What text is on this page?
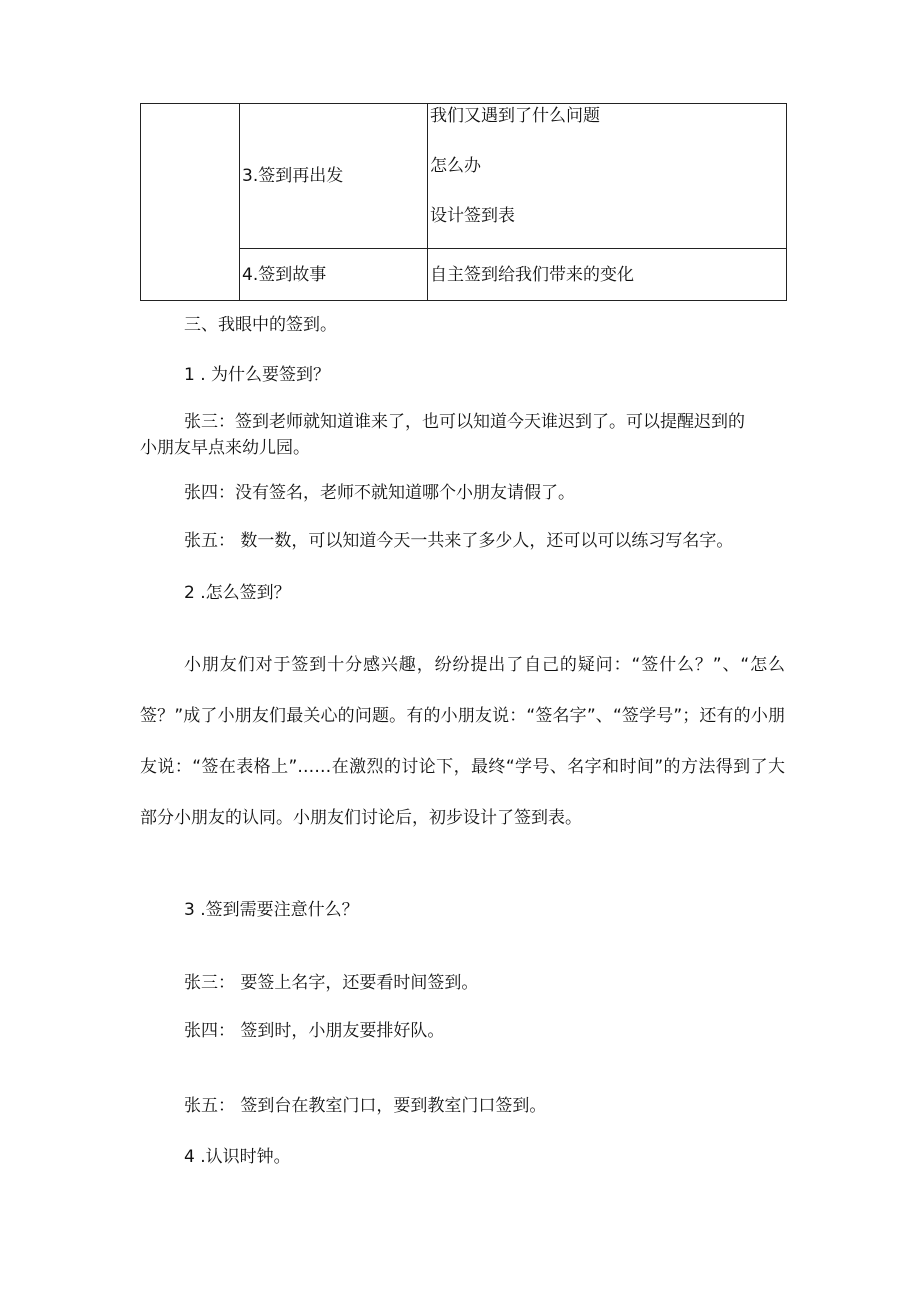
	3.签到再出发	我们又遇到了什么问题
怎么办
设计签到表

	4.签到故事	自主签到给我们带来的变化
三、我眼中的签到。
1 . 为什么要签到？
张三：签到老师就知道谁来了，也可以知道今天谁迟到了。可以提醒迟到的
小朋友早点来幼儿园。
张四：没有签名，老师不就知道哪个小朋友请假了。
张五： 数一数，可以知道今天一共来了多少人，还可以可以练习写名字。
2 .怎么签到？
小朋友们对于签到十分感兴趣，纷纷提出了自己的疑问：“签什么？”、“怎么签？”成了小朋友们最关心的问题。有的小朋友说：“签名字”、“签学号”；还有的小朋友说：“签在表格上”……在激烈的讨论下，最终“学号、名字和时间”的方法得到了大部分小朋友的认同。小朋友们讨论后，初步设计了签到表。
3 .签到需要注意什么？
张三： 要签上名字，还要看时间签到。
张四： 签到时，小朋友要排好队。
张五： 签到台在教室门口，要到教室门口签到。
4 .认识时钟。
